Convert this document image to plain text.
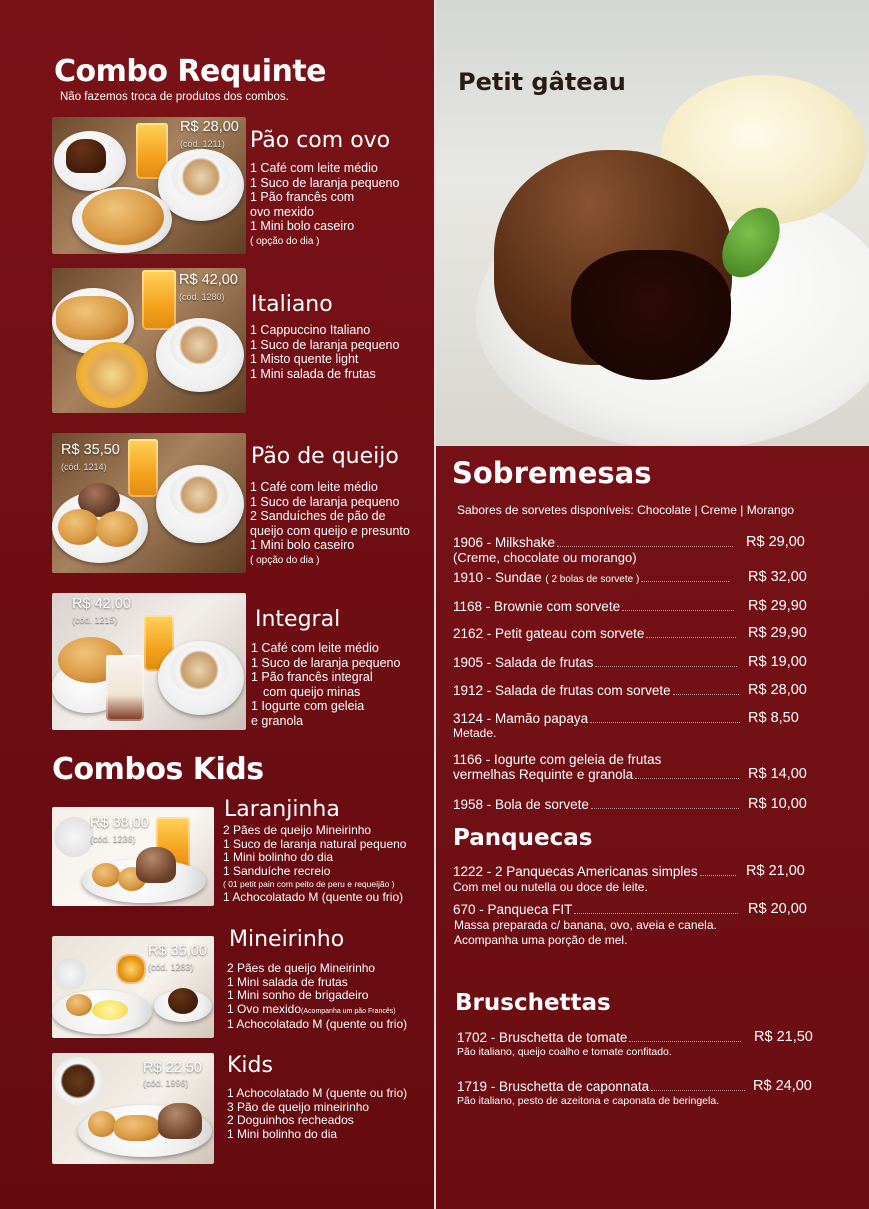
Combo Requinte
Não fazemos troca de produtos dos combos.
R$ 28,00
(cód. 1211) Pão com ovo
1 Café com leite médio
1 Suco de laranja pequeno
1 Pão francês com
ovo mexido
1 Mini bolo caseiro
( opção do dia )
R$ 42,00
(cód. 1280) Italiano
1 Cappuccino Italiano
1 Suco de laranja pequeno
1 Misto quente light
1 Mini salada de frutas
R$ 35,50
(cód. 1214)	Pão de queijo
1 Café com leite médio
1 Suco de laranja pequeno
2 Sanduíches de pão de
queijo com queijo e presunto
1 Mini bolo caseiro
( opção do dia )
R$ 42,00
(cód. 1215)	Integral
1 Café com leite médio
1 Suco de laranja pequeno
1 Pão francês integral
com queijo minas
1 Iogurte com geleia
e granola
Combos Kids
R$ 38,00
(cód. 1236)
Laranjinha
2 Pães de queijo Mineirinho
1 Suco de laranja natural pequeno
1 Mini bolinho do dia
1 Sanduíche recreio
( 01 petit pain com peito de peru e requeijão )
1 Achocolatado M (quente ou frio)
R$ 35,00
(cód. 1283)
Mineirinho
2 Pães de queijo Mineirinho
1 Mini salada de frutas
1 Mini sonho de brigadeiro
1 Ovo mexido(Acompanha um pão Francês)
1 Achocolatado M (quente ou frio)
R$ 22,50
(cód. 1996)
Kids
1 Achocolatado M (quente ou frio)
3 Pão de queijo mineirinho
2 Doguinhos recheados
1 Mini bolinho do dia
Petit gâteau
Sobremesas
Sabores de sorvetes disponíveis: Chocolate | Creme | Morango
1906 - Milkshake	R$ 29,00
(Creme, chocolate ou morango)
1910 - Sundae ( 2 bolas de sorvete )	R$ 32,00
1168 - Brownie com sorvete	R$ 29,90
2162 - Petit gateau com sorvete	R$ 29,90
1905 - Salada de frutas	R$ 19,00
1912 - Salada de frutas com sorvete	R$ 28,00
3124 - Mamão papaya	R$ 8,50
Metade.
1166 - Iogurte com geleia de frutas
vermelhas Requinte e granola	R$ 14,00
1958 - Bola de sorvete	R$ 10,00
Panquecas
1222 - 2 Panquecas Americanas simples	R$ 21,00
Com mel ou nutella ou doce de leite.
670 - Panqueca FIT	R$ 20,00
Massa preparada c/ banana, ovo, aveia e canela.
Acompanha uma porção de mel.
Bruschettas
1702 - Bruschetta de tomate	R$ 21,50
Pão italiano, queijo coalho e tomate confitado.
1719 - Bruschetta de caponnata	R$ 24,00
Pão italiano, pesto de azeitona e caponata de beringela.
